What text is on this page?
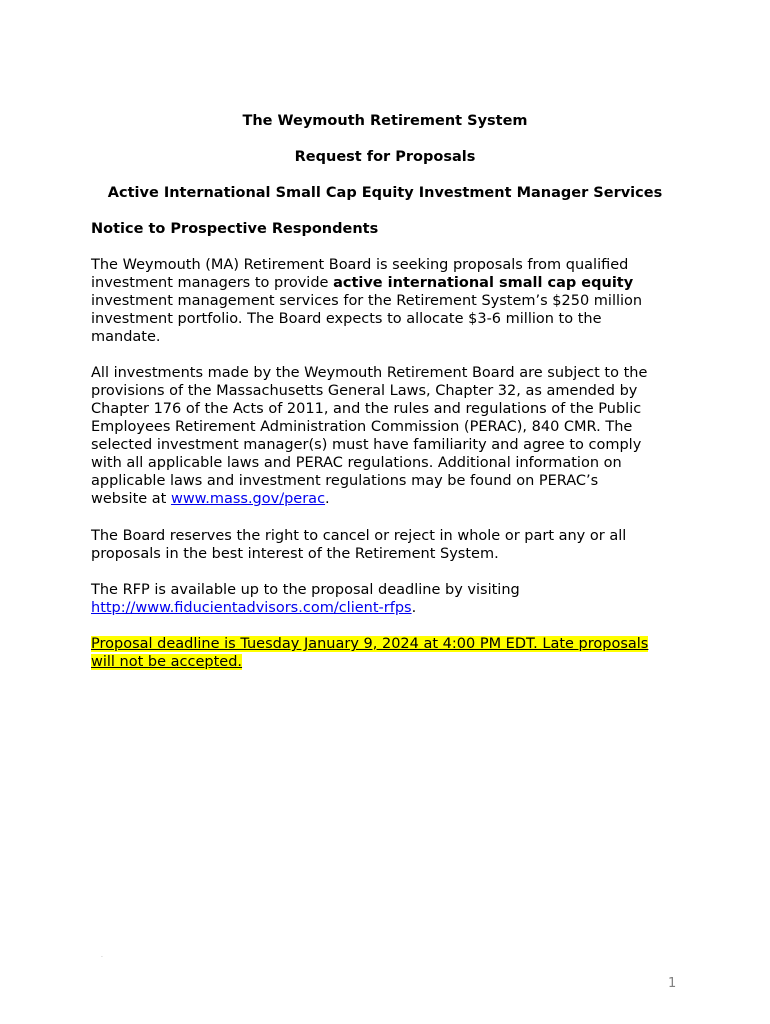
The Weymouth Retirement System
Request for Proposals
Active International Small Cap Equity Investment Manager Services
Notice to Prospective Respondents
The Weymouth (MA) Retirement Board is seeking proposals from qualified
investment managers to provide active international small cap equity
investment management services for the Retirement System’s $250 million
investment portfolio. The Board expects to allocate $3-6 million to the
mandate.
All investments made by the Weymouth Retirement Board are subject to the
provisions of the Massachusetts General Laws, Chapter 32, as amended by
Chapter 176 of the Acts of 2011, and the rules and regulations of the Public
Employees Retirement Administration Commission (PERAC), 840 CMR. The
selected investment manager(s) must have familiarity and agree to comply
with all applicable laws and PERAC regulations. Additional information on
applicable laws and investment regulations may be found on PERAC’s
website at www.mass.gov/perac.
The Board reserves the right to cancel or reject in whole or part any or all
proposals in the best interest of the Retirement System.
The RFP is available up to the proposal deadline by visiting
http://www.fiducientadvisors.com/client-rfps.
Proposal deadline is Tuesday January 9, 2024 at 4:00 PM EDT. Late proposals
will not be accepted.
.
1
